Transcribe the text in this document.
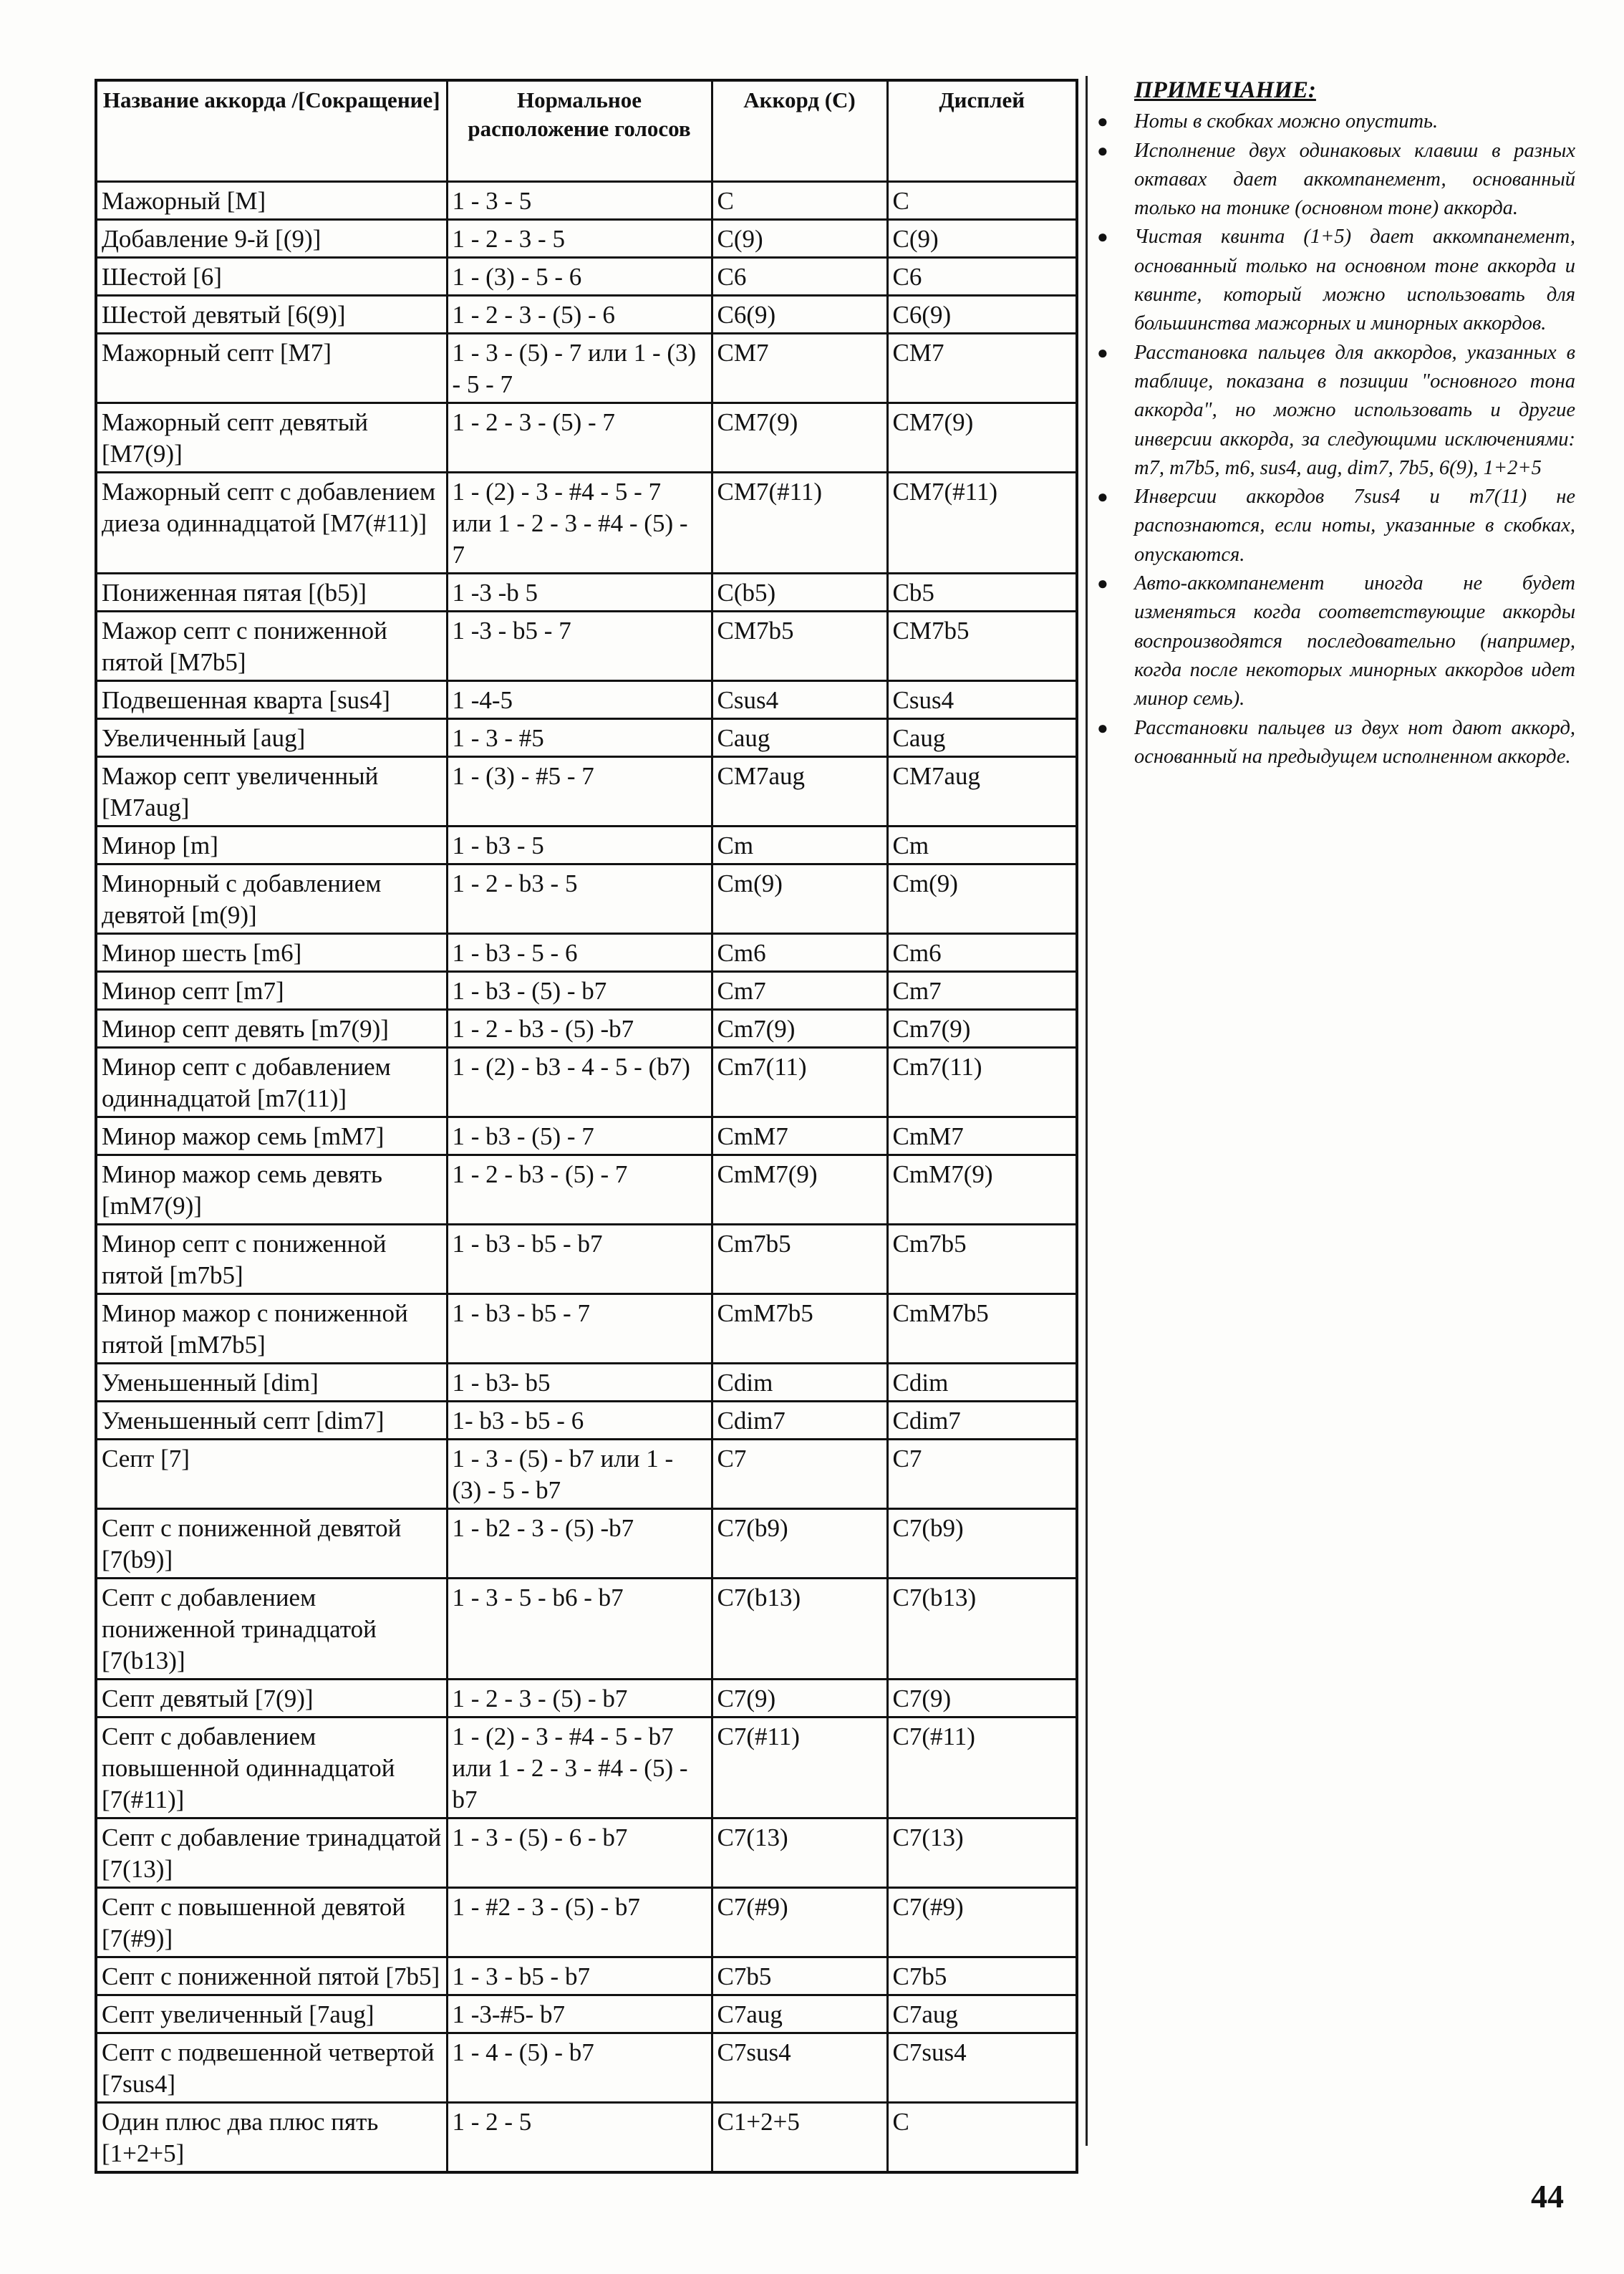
Название аккорда /[Сокращение]	Нормальное расположение голосов	Аккорд (C)	Дисплей
Мажорный [M]	1 - 3 - 5	C	C
Добавление 9-й [(9)]	1 - 2 - 3 - 5	C(9)	C(9)
Шестой [6]	1 - (3) - 5 - 6	C6	C6
Шестой девятый [6(9)]	1 - 2 - 3 - (5) - 6	C6(9)	C6(9)
Мажорный септ [M7]	1 - 3 - (5) - 7 или 1 - (3) - 5 - 7	CM7	CM7
Мажорный септ девятый [M7(9)]	1 - 2 - 3 - (5) - 7	CM7(9)	CM7(9)
Мажорный септ с добавлением диеза одиннадцатой [M7(#11)]	1 - (2) - 3 - #4 - 5 - 7 или 1 - 2 - 3 - #4 - (5) - 7	CM7(#11)	CM7(#11)
Пониженная пятая [(b5)]	1 -3 -b 5	C(b5)	Cb5
Мажор септ с пониженной пятой [M7b5]	1 -3 - b5 - 7	CM7b5	CM7b5
Подвешенная кварта [sus4]	1 -4-5	Csus4	Csus4
Увеличенный [aug]	1 - 3 - #5	Caug	Caug
Мажор септ увеличенный [M7aug]	1 - (3) - #5 - 7	CM7aug	CM7aug
Минор [m]	1 - b3 - 5	Cm	Cm
Минорный с добавлением девятой [m(9)]	1 - 2 - b3 - 5	Cm(9)	Cm(9)
Минор шесть [m6]	1 - b3 - 5 - 6	Cm6	Cm6
Минор септ [m7]	1 - b3 - (5) - b7	Cm7	Cm7
Минор септ девять [m7(9)]	1 - 2 - b3 - (5) -b7	Cm7(9)	Cm7(9)
Минор септ с добавлением одиннадцатой [m7(11)]	1 - (2) - b3 - 4 - 5 - (b7)	Cm7(11)	Cm7(11)
Минор мажор семь [mM7]	1 - b3 - (5) - 7	CmM7	CmM7
Минор мажор семь девять [mM7(9)]	1 - 2 - b3 - (5) - 7	CmM7(9)	CmM7(9)
Минор септ с пониженной пятой [m7b5]	1 - b3 - b5 - b7	Cm7b5	Cm7b5
Минор мажор с пониженной пятой [mM7b5]	1 - b3 - b5 - 7	CmM7b5	CmM7b5
Уменьшенный [dim]	1 - b3- b5	Cdim	Cdim
Уменьшенный септ [dim7]	1- b3 - b5 - 6	Cdim7	Cdim7
Септ [7]	1 - 3 - (5) - b7 или 1 - (3) - 5 - b7	C7	C7
Септ с пониженной девятой [7(b9)]	1 - b2 - 3 - (5) -b7	C7(b9)	C7(b9)
Септ с добавлением пониженной тринадцатой [7(b13)]	1 - 3 - 5 - b6 - b7	C7(b13)	C7(b13)
Септ девятый [7(9)]	1 - 2 - 3 - (5) - b7	C7(9)	C7(9)
Септ с добавлением повышенной одиннадцатой [7(#11)]	1 - (2) - 3 - #4 - 5 - b7 или 1 - 2 - 3 - #4 - (5) -b7	C7(#11)	C7(#11)
Септ с добавление тринадцатой [7(13)]	1 - 3 - (5) - 6 - b7	C7(13)	C7(13)
Септ с повышенной девятой [7(#9)]	1 - #2 - 3 - (5) - b7	C7(#9)	C7(#9)
Септ с пониженной пятой [7b5]	1 - 3 - b5 - b7	C7b5	C7b5
Септ увеличенный [7aug]	1 -3-#5- b7	C7aug	C7aug
Септ с подвешенной четвертой [7sus4]	1 - 4 - (5) - b7	C7sus4	C7sus4
Один плюс два плюс пять [1+2+5]	1 - 2 - 5	C1+2+5	C
ПРИМЕЧАНИЕ:
● Ноты в скобках можно опустить.
● Исполнение двух одинаковых клавиш в разных октавах дает аккомпанемент, основанный только на тонике (основном тоне) аккорда.
● Чистая квинта (1+5) дает аккомпанемент, основанный только на основном тоне аккорда и квинте, который можно использовать для большинства мажорных и минорных аккордов.
● Расстановка пальцев для аккордов, указанных в таблице, показана в позиции "основного тона аккорда", но можно использовать и другие инверсии аккорда, за следующими исключениями: m7, m7b5, m6, sus4, aug, dim7, 7b5, 6(9), 1+2+5
● Инверсии аккордов 7sus4 и m7(11) не распознаются, если ноты, указанные в скобках, опускаются.
● Авто-аккомпанемент иногда не будет изменяться когда соответствующие аккорды воспроизводятся последовательно (например, когда после некоторых минорных аккордов идет минор семь).
● Расстановки пальцев из двух нот дают аккорд, основанный на предыдущем исполненном аккорде.
44
